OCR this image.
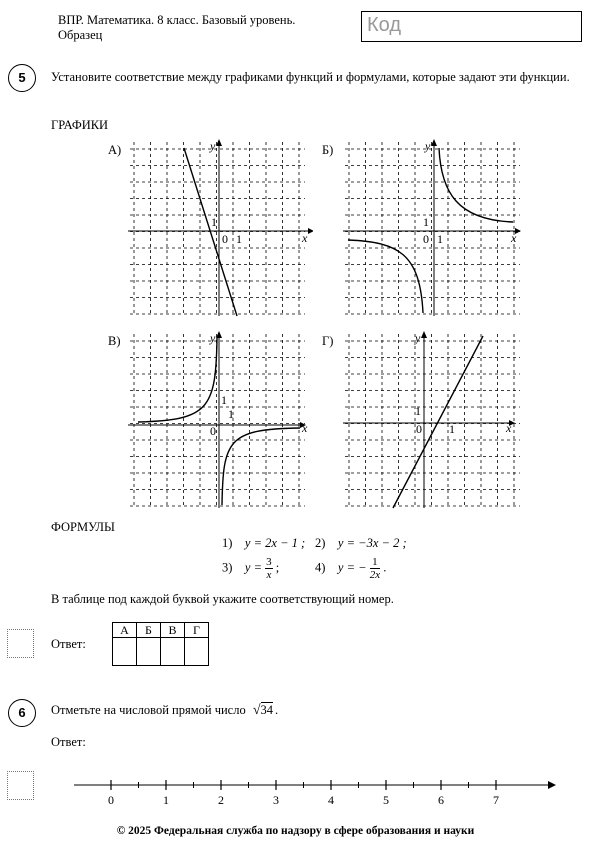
ВПР. Математика. 8 класс. Базовый уровень.
Образец	Код
5	Установите соответствие между графиками функций и формулами, которые задают эти функции.
ГРАФИКИ
А)	Б)
В)	Г)
x
y
0 1
1
x
y
0 1
1
x
y
0
1
1
x
y
0 1
1
ФОРМУЛЫ
1) y = 2x − 1 ; 2) y = −3x − 2 ;
3) $y = \frac{3}{x}$ ;	4) y = − $\frac{1}{2x}$ .
В таблице под каждой буквой укажите соответствующий номер.
Ответ:
А	Б	В	Г

6	Отметьте на числовой прямой число √34 .
Ответ:
0	1	2	3	4	5	6	7
© 2025 Федеральная служба по надзору в сфере образования и науки
